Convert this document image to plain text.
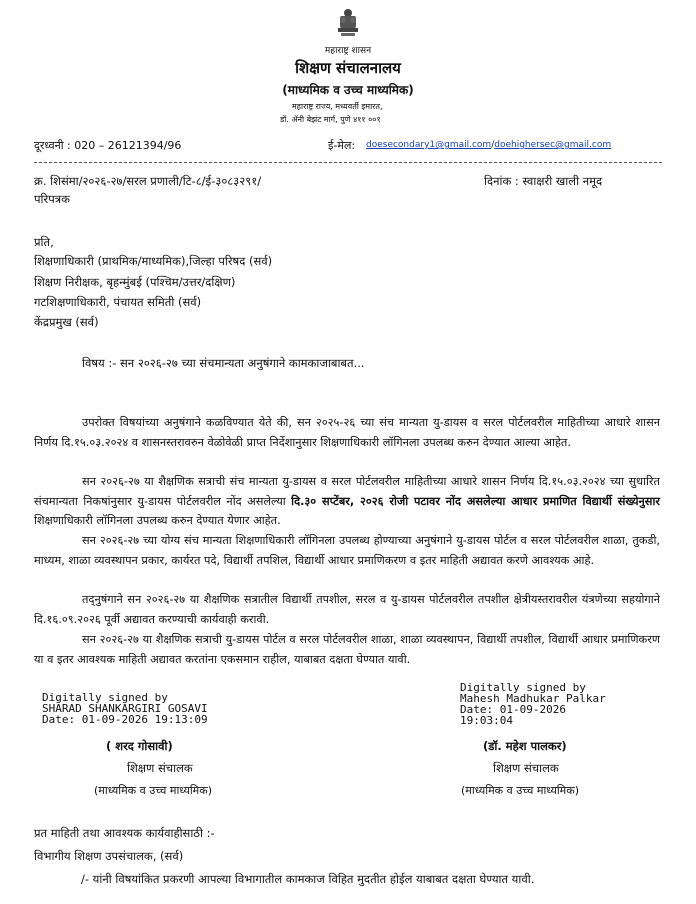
महाराष्ट्र शासन
शिक्षण संचालनालय
(माध्यमिक व उच्च माध्यमिक)
महाराष्ट्र राज्य, मध्यवर्ती इमारत,
डॉ. ॲनी बेझंट मार्ग, पुणे ४११ ००१
दूरध्वनी : 020 – 26121394/96	ई-मेल: doesecondary1@gmail.com/doehighersec@gmail.com
क्र. शिसंमा/२०२६-२७/सरल प्रणाली/टि-८/ई-३०८३२९१/	दिनांक : स्वाक्षरी खाली नमूद
परिपत्रक
प्रति,
शिक्षणाधिकारी (प्राथमिक/माध्यमिक),जिल्हा परिषद (सर्व)
शिक्षण निरीक्षक, बृहन्मुंबई (पश्चिम/उत्तर/दक्षिण)
गटशिक्षणाधिकारी, पंचायत समिती (सर्व)
केंद्रप्रमुख (सर्व)
विषय :- सन २०२६-२७ च्या संचमान्यता अनुषंगाने कामकाजाबाबत...
उपरोक्त विषयांच्या अनुषंगाने कळविण्यात येते की, सन २०२५-२६ च्या संच मान्यता यु-डायस व सरल पोर्टलवरील माहितीच्या आधारे शासन निर्णय दि.१५.०३.२०२४ व शासनस्तरावरुन वेळोवेळी प्राप्त निर्देशानुसार शिक्षणाधिकारी लॉगिनला उपलब्ध करुन देण्यात आल्या आहेत.
सन २०२६-२७ या शैक्षणिक सत्राची संच मान्यता यु-डायस व सरल पोर्टलवरील माहितीच्या आधारे शासन निर्णय दि.१५.०३.२०२४ च्या सुधारित संचमान्यता निकषांनुसार यु-डायस पोर्टलवरील नोंद असलेल्या दि.३० सप्टेंबर, २०२६ रोजी पटावर नोंद असलेल्या आधार प्रमाणित विद्यार्थी संख्येनुसार शिक्षणाधिकारी लॉगिनला उपलब्ध करुन देण्यात येणार आहेत.
सन २०२६-२७ च्या योग्य संच मान्यता शिक्षणाधिकारी लॉगिनला उपलब्ध होण्याच्या अनुषंगाने यु-डायस पोर्टल व सरल पोर्टलवरील शाळा, तुकडी, माध्यम, शाळा व्यवस्थापन प्रकार, कार्यरत पदे, विद्यार्थी तपशिल, विद्यार्थी आधार प्रमाणिकरण व इतर माहिती अद्यावत करणे आवश्यक आहे.
तद्नुषंगाने सन २०२६-२७ या शैक्षणिक सत्रातील विद्यार्थी तपशील, सरल व यु-डायस पोर्टलवरील तपशील क्षेत्रीयस्तरावरील यंत्रणेच्या सहयोगाने दि.१६.०९.२०२६ पूर्वी अद्यावत करण्याची कार्यवाही करावी.
सन २०२६-२७ या शैक्षणिक सत्राची यु-डायस पोर्टल व सरल पोर्टलवरील शाळा, शाळा व्यवस्थापन, विद्यार्थी तपशील, विद्यार्थी आधार प्रमाणिकरण या व इतर आवश्यक माहिती अद्यावत करतांना एकसमान राहील, याबाबत दक्षता घेण्यात यावी.
Digitally signed by
SHARAD SHANKARGIRI GOSAVI
Date: 01-09-2026 19:13:09
( शरद गोसावी)
शिक्षण संचालक
(माध्यमिक व उच्च माध्यमिक)
Digitally signed by
Mahesh Madhukar Palkar
Date: 01-09-2026
19:03:04
(डॉ. महेश पालकर)
शिक्षण संचालक
(माध्यमिक व उच्च माध्यमिक)
प्रत माहिती तथा आवश्यक कार्यवाहीसाठी :-
विभागीय शिक्षण उपसंचालक, (सर्व)
/- यांनी विषयांकित प्रकरणी आपल्या विभागातील कामकाज विहित मुदतीत होईल याबाबत दक्षता घेण्यात यावी.
